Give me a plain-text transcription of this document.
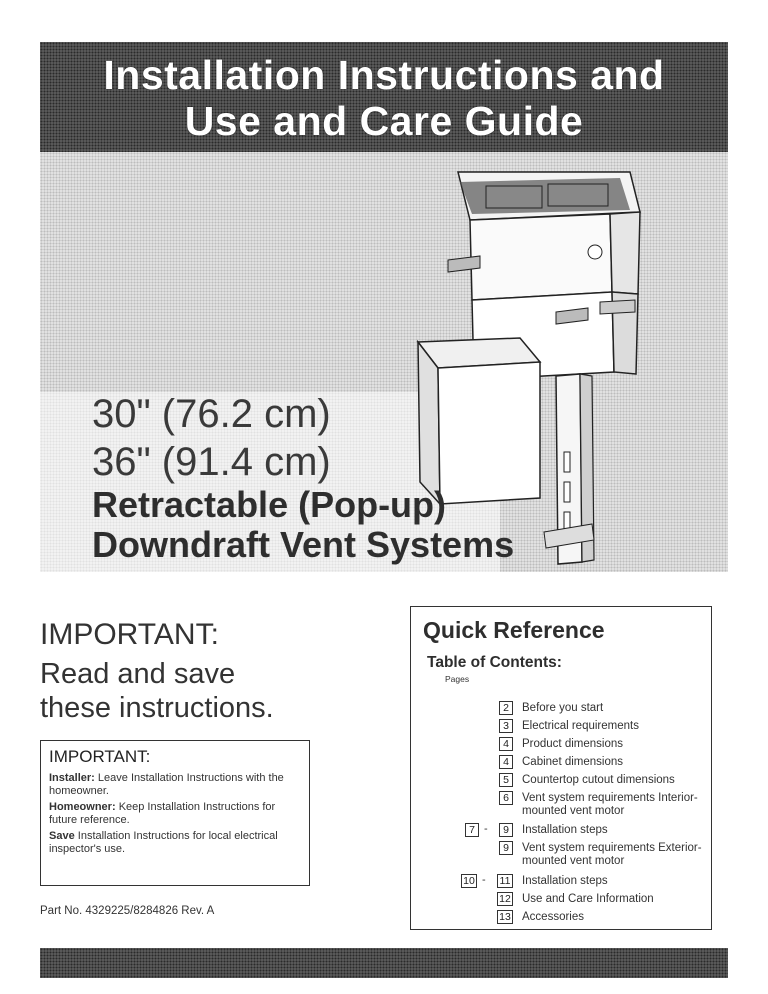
Installation Instructions and
Use and Care Guide
30" (76.2 cm)
36" (91.4 cm)
Retractable (Pop-up)
Downdraft Vent Systems
IMPORTANT:
Read and save
these instructions.
IMPORTANT:

Installer: Leave Installation Instructions with the homeowner.

Homeowner: Keep Installation Instructions for future reference.

Save Installation Instructions for local electrical inspector's use.

Part No. 4329225/8284826 Rev. A
Quick Reference
Table of Contents:
Pages
2	Before you start
3	Electrical requirements
4	Product dimensions
4	Cabinet dimensions
5	Countertop cutout dimensions
6	Vent system requirements Interior-mounted vent motor
7 -	9	Installation steps
9	Vent system requirements Exterior-mounted vent motor
10 - 11 Installation steps
12 Use and Care Information
13 Accessories
